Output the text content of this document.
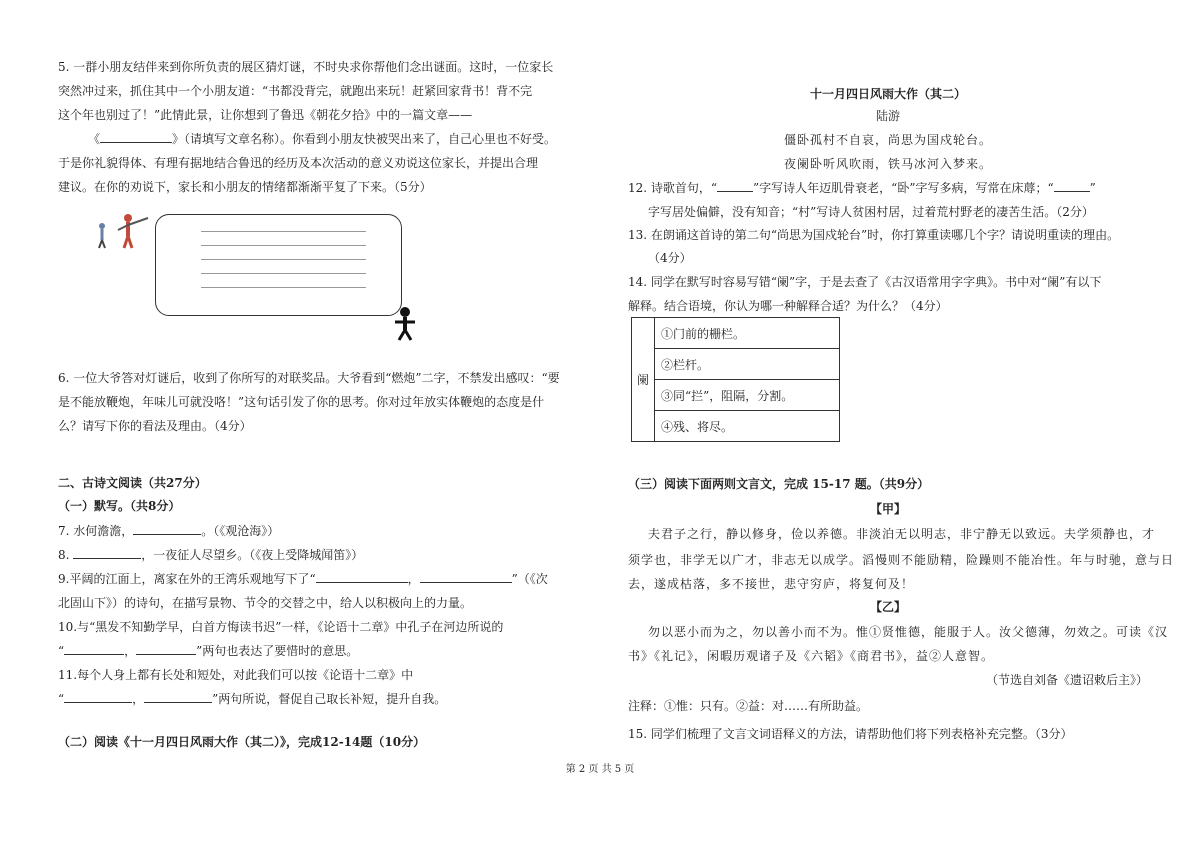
5. 一群小朋友结伴来到你所负责的展区猜灯谜，不时央求你帮他们念出谜面。这时，一位家长

突然冲过来，抓住其中一个小朋友道：“书都没背完，就跑出来玩！赶紧回家背书！背不完

这个年也别过了！”此情此景，让你想到了鲁迅《朝花夕拾》中的一篇文章——

《	》（请填写文章名称）。你看到小朋友快被哭出来了，自己心里也不好受。

于是你礼貌得体、有理有据地结合鲁迅的经历及本次活动的意义劝说这位家长，并提出合理

建议。在你的劝说下，家长和小朋友的情绪都渐渐平复了下来。（5分）

6. 一位大爷答对灯谜后，收到了你所写的对联奖品。大爷看到“燃炮”二字，不禁发出感叹：“要

是不能放鞭炮，年味儿可就没咯！”这句话引发了你的思考。你对过年放实体鞭炮的态度是什

么？请写下你的看法及理由。（4分）

二、古诗文阅读（共27分）

（一）默写。（共8分）

7. 水何澹澹，	。（《观沧海》）

8.	，一夜征人尽望乡。（《夜上受降城闻笛》）

9.平阔的江面上，离家在外的王湾乐观地写下了“	，	”（《次

北固山下》）的诗句，在描写景物、节令的交替之中，给人以积极向上的力量。

10.与“黑发不知勤学早，白首方悔读书迟”一样，《论语十二章》中孔子在河边所说的

“	，	”两句也表达了要惜时的意思。

11.每个人身上都有长处和短处，对此我们可以按《论语十二章》中

“	，	”两句所说，督促自己取长补短，提升自我。

（二）阅读《十一月四日风雨大作（其二）》，完成12-14题（10分）

十一月四日风雨大作（其二）

陆游

僵卧孤村不自哀，尚思为国戍轮台。

夜阑卧听风吹雨，铁马冰河入梦来。

12. 诗歌首句，“	”字写诗人年迈肌骨衰老，“卧”字写多病，写常在床蓐；“	”

字写居处偏僻，没有知音；“村”写诗人贫困村居，过着荒村野老的凄苦生活。（2分）

13. 在朗诵这首诗的第二句“尚思为国戍轮台”时，你打算重读哪几个字？请说明重读的理由。

（4分）

14. 同学在默写时容易写错“阑”字，于是去查了《古汉语常用字字典》。书中对“阑”有以下

解释。结合语境，你认为哪一种解释合适？为什么？（4分）

阑	①门前的栅栏。
②栏杆。
③同“拦”，阻隔，分割。
④残、将尽。

（三）阅读下面两则文言文，完成 15-17 题。（共9分）

【甲】

夫君子之行，静以修身，俭以养德。非淡泊无以明志，非宁静无以致远。夫学须静也，才

须学也，非学无以广才，非志无以成学。滔慢则不能励精，险躁则不能冶性。年与时驰，意与日

去，遂成枯落，多不接世，悲守穷庐，将复何及！

【乙】

勿以恶小而为之，勿以善小而不为。惟①贤惟德，能服于人。汝父德薄，勿效之。可读《汉

书》《礼记》，闲暇历观诸子及《六韬》《商君书》，益②人意智。

（节选自刘备《遗诏敕后主》）

注释：①惟：只有。②益：对……有所助益。

15. 同学们梳理了文言文词语释义的方法，请帮助他们将下列表格补充完整。（3分）

第 2 页 共 5 页
